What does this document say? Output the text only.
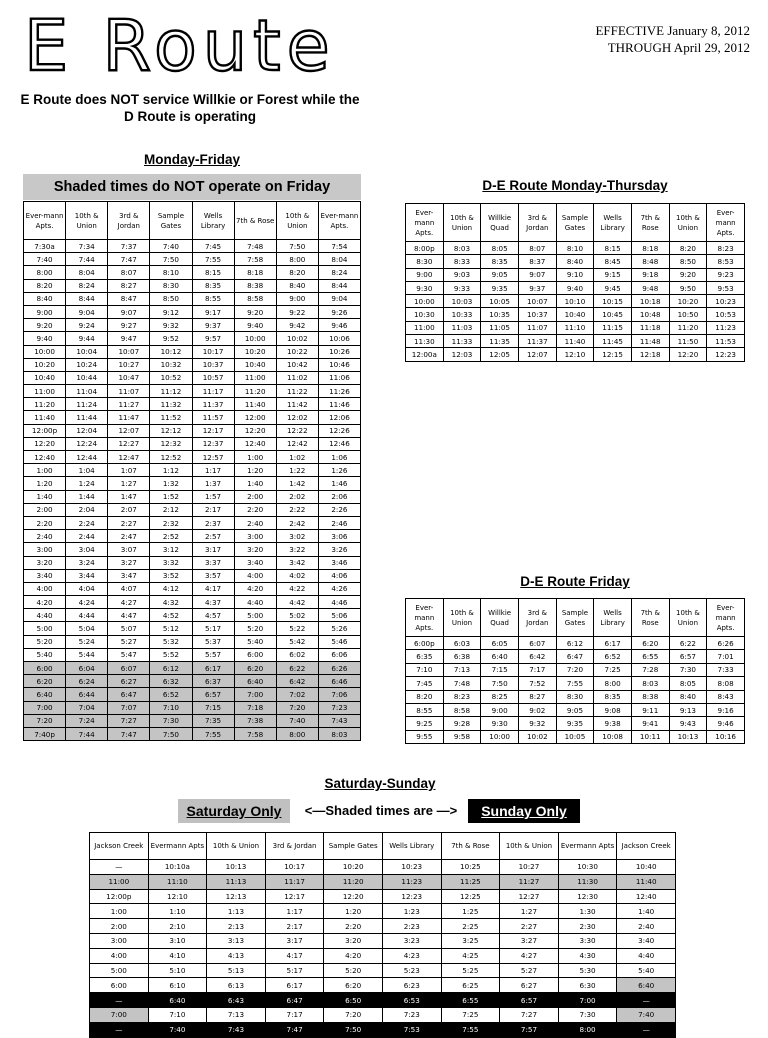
E Route	EFFECTIVE January 8, 2012
THROUGH April 29, 2012
E Route does NOT service Willkie or Forest while the D Route is operating
Monday-Friday
Shaded times do NOT operate on Friday
Ever-mann Apts.	10th & Union	3rd & Jordan	Sample Gates	Wells Library	7th & Rose	10th & Union	Ever-mann Apts.
7:30a	7:34	7:37	7:40	7:45	7:48	7:50	7:54
7:40	7:44	7:47	7:50	7:55	7:58	8:00	8:04
8:00	8:04	8:07	8:10	8:15	8:18	8:20	8:24
8:20	8:24	8:27	8:30	8:35	8:38	8:40	8:44
8:40	8:44	8:47	8:50	8:55	8:58	9:00	9:04
9:00	9:04	9:07	9:12	9:17	9:20	9:22	9:26
9:20	9:24	9:27	9:32	9:37	9:40	9:42	9:46
9:40	9:44	9:47	9:52	9:57	10:00	10:02	10:06
10:00	10:04	10:07	10:12	10:17	10:20	10:22	10:26
10:20	10:24	10:27	10:32	10:37	10:40	10:42	10:46
10:40	10:44	10:47	10:52	10:57	11:00	11:02	11:06
11:00	11:04	11:07	11:12	11:17	11:20	11:22	11:26
11:20	11:24	11:27	11:32	11:37	11:40	11:42	11:46
11:40	11:44	11:47	11:52	11:57	12:00	12:02	12:06
12:00p	12:04	12:07	12:12	12:17	12:20	12:22	12:26
12:20	12:24	12:27	12:32	12:37	12:40	12:42	12:46
12:40	12:44	12:47	12:52	12:57	1:00	1:02	1:06
1:00	1:04	1:07	1:12	1:17	1:20	1:22	1:26
1:20	1:24	1:27	1:32	1:37	1:40	1:42	1:46
1:40	1:44	1:47	1:52	1:57	2:00	2:02	2:06
2:00	2:04	2:07	2:12	2:17	2:20	2:22	2:26
2:20	2:24	2:27	2:32	2:37	2:40	2:42	2:46
2:40	2:44	2:47	2:52	2:57	3:00	3:02	3:06
3:00	3:04	3:07	3:12	3:17	3:20	3:22	3:26
3:20	3:24	3:27	3:32	3:37	3:40	3:42	3:46
3:40	3:44	3:47	3:52	3:57	4:00	4:02	4:06
4:00	4:04	4:07	4:12	4:17	4:20	4:22	4:26
4:20	4:24	4:27	4:32	4:37	4:40	4:42	4:46
4:40	4:44	4:47	4:52	4:57	5:00	5:02	5:06
5:00	5:04	5:07	5:12	5:17	5:20	5:22	5:26
5:20	5:24	5:27	5:32	5:37	5:40	5:42	5:46
5:40	5:44	5:47	5:52	5:57	6:00	6:02	6:06
6:00	6:04	6:07	6:12	6:17	6:20	6:22	6:26
6:20	6:24	6:27	6:32	6:37	6:40	6:42	6:46
6:40	6:44	6:47	6:52	6:57	7:00	7:02	7:06
7:00	7:04	7:07	7:10	7:15	7:18	7:20	7:23
7:20	7:24	7:27	7:30	7:35	7:38	7:40	7:43
7:40p	7:44	7:47	7:50	7:55	7:58	8:00	8:03
D-E Route Monday-Thursday
Ever-mann Apts.	10th & Union	Willkie Quad	3rd & Jordan	Sample Gates	Wells Library	7th & Rose	10th & Union	Ever-mann Apts.
8:00p	8:03	8:05	8:07	8:10	8:15	8:18	8:20	8:23
8:30	8:33	8:35	8:37	8:40	8:45	8:48	8:50	8:53
9:00	9:03	9:05	9:07	9:10	9:15	9:18	9:20	9:23
9:30	9:33	9:35	9:37	9:40	9:45	9:48	9:50	9:53
10:00	10:03	10:05	10:07	10:10	10:15	10:18	10:20	10:23
10:30	10:33	10:35	10:37	10:40	10:45	10:48	10:50	10:53
11:00	11:03	11:05	11:07	11:10	11:15	11:18	11:20	11:23
11:30	11:33	11:35	11:37	11:40	11:45	11:48	11:50	11:53
12:00a	12:03	12:05	12:07	12:10	12:15	12:18	12:20	12:23
D-E Route Friday
Ever-mann Apts.	10th & Union	Willkie Quad	3rd & Jordan	Sample Gates	Wells Library	7th & Rose	10th & Union	Ever-mann Apts.
6:00p	6:03	6:05	6:07	6:12	6:17	6:20	6:22	6:26
6:35	6:38	6:40	6:42	6:47	6:52	6:55	6:57	7:01
7:10	7:13	7:15	7:17	7:20	7:25	7:28	7:30	7:33
7:45	7:48	7:50	7:52	7:55	8:00	8:03	8:05	8:08
8:20	8:23	8:25	8:27	8:30	8:35	8:38	8:40	8:43
8:55	8:58	9:00	9:02	9:05	9:08	9:11	9:13	9:16
9:25	9:28	9:30	9:32	9:35	9:38	9:41	9:43	9:46
9:55	9:58	10:00	10:02	10:05	10:08	10:11	10:13	10:16
Saturday-Sunday
Saturday Only	<—Shaded times are —>	Sunday Only
Jackson Creek	Evermann Apts	10th & Union	3rd & Jordan	Sample Gates	Wells Library	7th & Rose	10th & Union	Evermann Apts	Jackson Creek
—	10:10a	10:13	10:17	10:20	10:23	10:25	10:27	10:30	10:40
11:00	11:10	11:13	11:17	11:20	11:23	11:25	11:27	11:30	11:40
12:00p	12:10	12:13	12:17	12:20	12:23	12:25	12:27	12:30	12:40
1:00	1:10	1:13	1:17	1:20	1:23	1:25	1:27	1:30	1:40
2:00	2:10	2:13	2:17	2:20	2:23	2:25	2:27	2:30	2:40
3:00	3:10	3:13	3:17	3:20	3:23	3:25	3:27	3:30	3:40
4:00	4:10	4:13	4:17	4:20	4:23	4:25	4:27	4:30	4:40
5:00	5:10	5:13	5:17	5:20	5:23	5:25	5:27	5:30	5:40
6:00	6:10	6:13	6:17	6:20	6:23	6:25	6:27	6:30	6:40
—	6:40	6:43	6:47	6:50	6:53	6:55	6:57	7:00	—
7:00	7:10	7:13	7:17	7:20	7:23	7:25	7:27	7:30	7:40
—	7:40	7:43	7:47	7:50	7:53	7:55	7:57	8:00	—
